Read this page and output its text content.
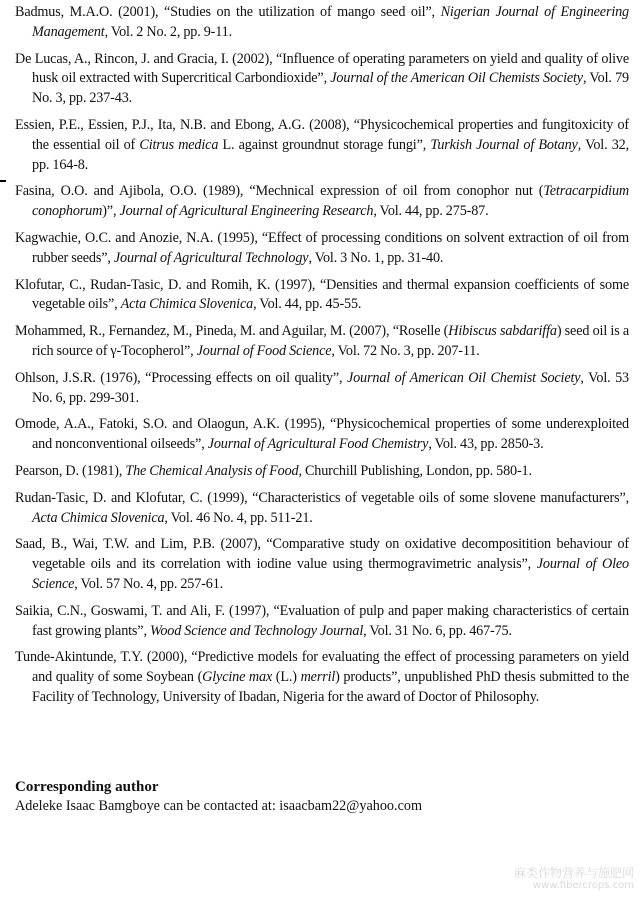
Badmus, M.A.O. (2001), “Studies on the utilization of mango seed oil”, Nigerian Journal of Engineering Management, Vol. 2 No. 2, pp. 9-11.

De Lucas, A., Rincon, J. and Gracia, I. (2002), “Influence of operating parameters on yield and quality of olive husk oil extracted with Supercritical Carbondioxide”, Journal of the American Oil Chemists Society, Vol. 79 No. 3, pp. 237-43.

Essien, P.E., Essien, P.J., Ita, N.B. and Ebong, A.G. (2008), “Physicochemical properties and fungitoxicity of the essential oil of Citrus medica L. against groundnut storage fungi”, Turkish Journal of Botany, Vol. 32, pp. 164-8.

Fasina, O.O. and Ajibola, O.O. (1989), “Mechnical expression of oil from conophor nut (Tetracarpidium conophorum)”, Journal of Agricultural Engineering Research, Vol. 44, pp. 275-87.

Kagwachie, O.C. and Anozie, N.A. (1995), “Effect of processing conditions on solvent extraction of oil from rubber seeds”, Journal of Agricultural Technology, Vol. 3 No. 1, pp. 31-40.

Klofutar, C., Rudan-Tasic, D. and Romih, K. (1997), “Densities and thermal expansion coefficients of some vegetable oils”, Acta Chimica Slovenica, Vol. 44, pp. 45-55.

Mohammed, R., Fernandez, M., Pineda, M. and Aguilar, M. (2007), “Roselle (Hibiscus sabdariffa) seed oil is a rich source of γ-Tocopherol”, Journal of Food Science, Vol. 72 No. 3, pp. 207-11.

Ohlson, J.S.R. (1976), “Processing effects on oil quality”, Journal of American Oil Chemist Society, Vol. 53 No. 6, pp. 299-301.

Omode, A.A., Fatoki, S.O. and Olaogun, A.K. (1995), “Physicochemical properties of some underexploited and nonconventional oilseeds”, Journal of Agricultural Food Chemistry, Vol. 43, pp. 2850-3.

Pearson, D. (1981), The Chemical Analysis of Food, Churchill Publishing, London, pp. 580-1.

Rudan-Tasic, D. and Klofutar, C. (1999), “Characteristics of vegetable oils of some slovene manufacturers”, Acta Chimica Slovenica, Vol. 46 No. 4, pp. 511-21.

Saad, B., Wai, T.W. and Lim, P.B. (2007), “Comparative study on oxidative decompositition behaviour of vegetable oils and its correlation with iodine value using thermogravimetric analysis”, Journal of Oleo Science, Vol. 57 No. 4, pp. 257-61.

Saikia, C.N., Goswami, T. and Ali, F. (1997), “Evaluation of pulp and paper making characteristics of certain fast growing plants”, Wood Science and Technology Journal, Vol. 31 No. 6, pp. 467-75.

Tunde-Akintunde, T.Y. (2000), “Predictive models for evaluating the effect of processing parameters on yield and quality of some Soybean (Glycine max (L.) merril) products”, unpublished PhD thesis submitted to the Facility of Technology, University of Ibadan, Nigeria for the award of Doctor of Philosophy.

Corresponding author

Adeleke Isaac Bamgboye can be contacted at: isaacbam22@yahoo.com

麻类作物营养与施肥网
www.fibercrops.com
